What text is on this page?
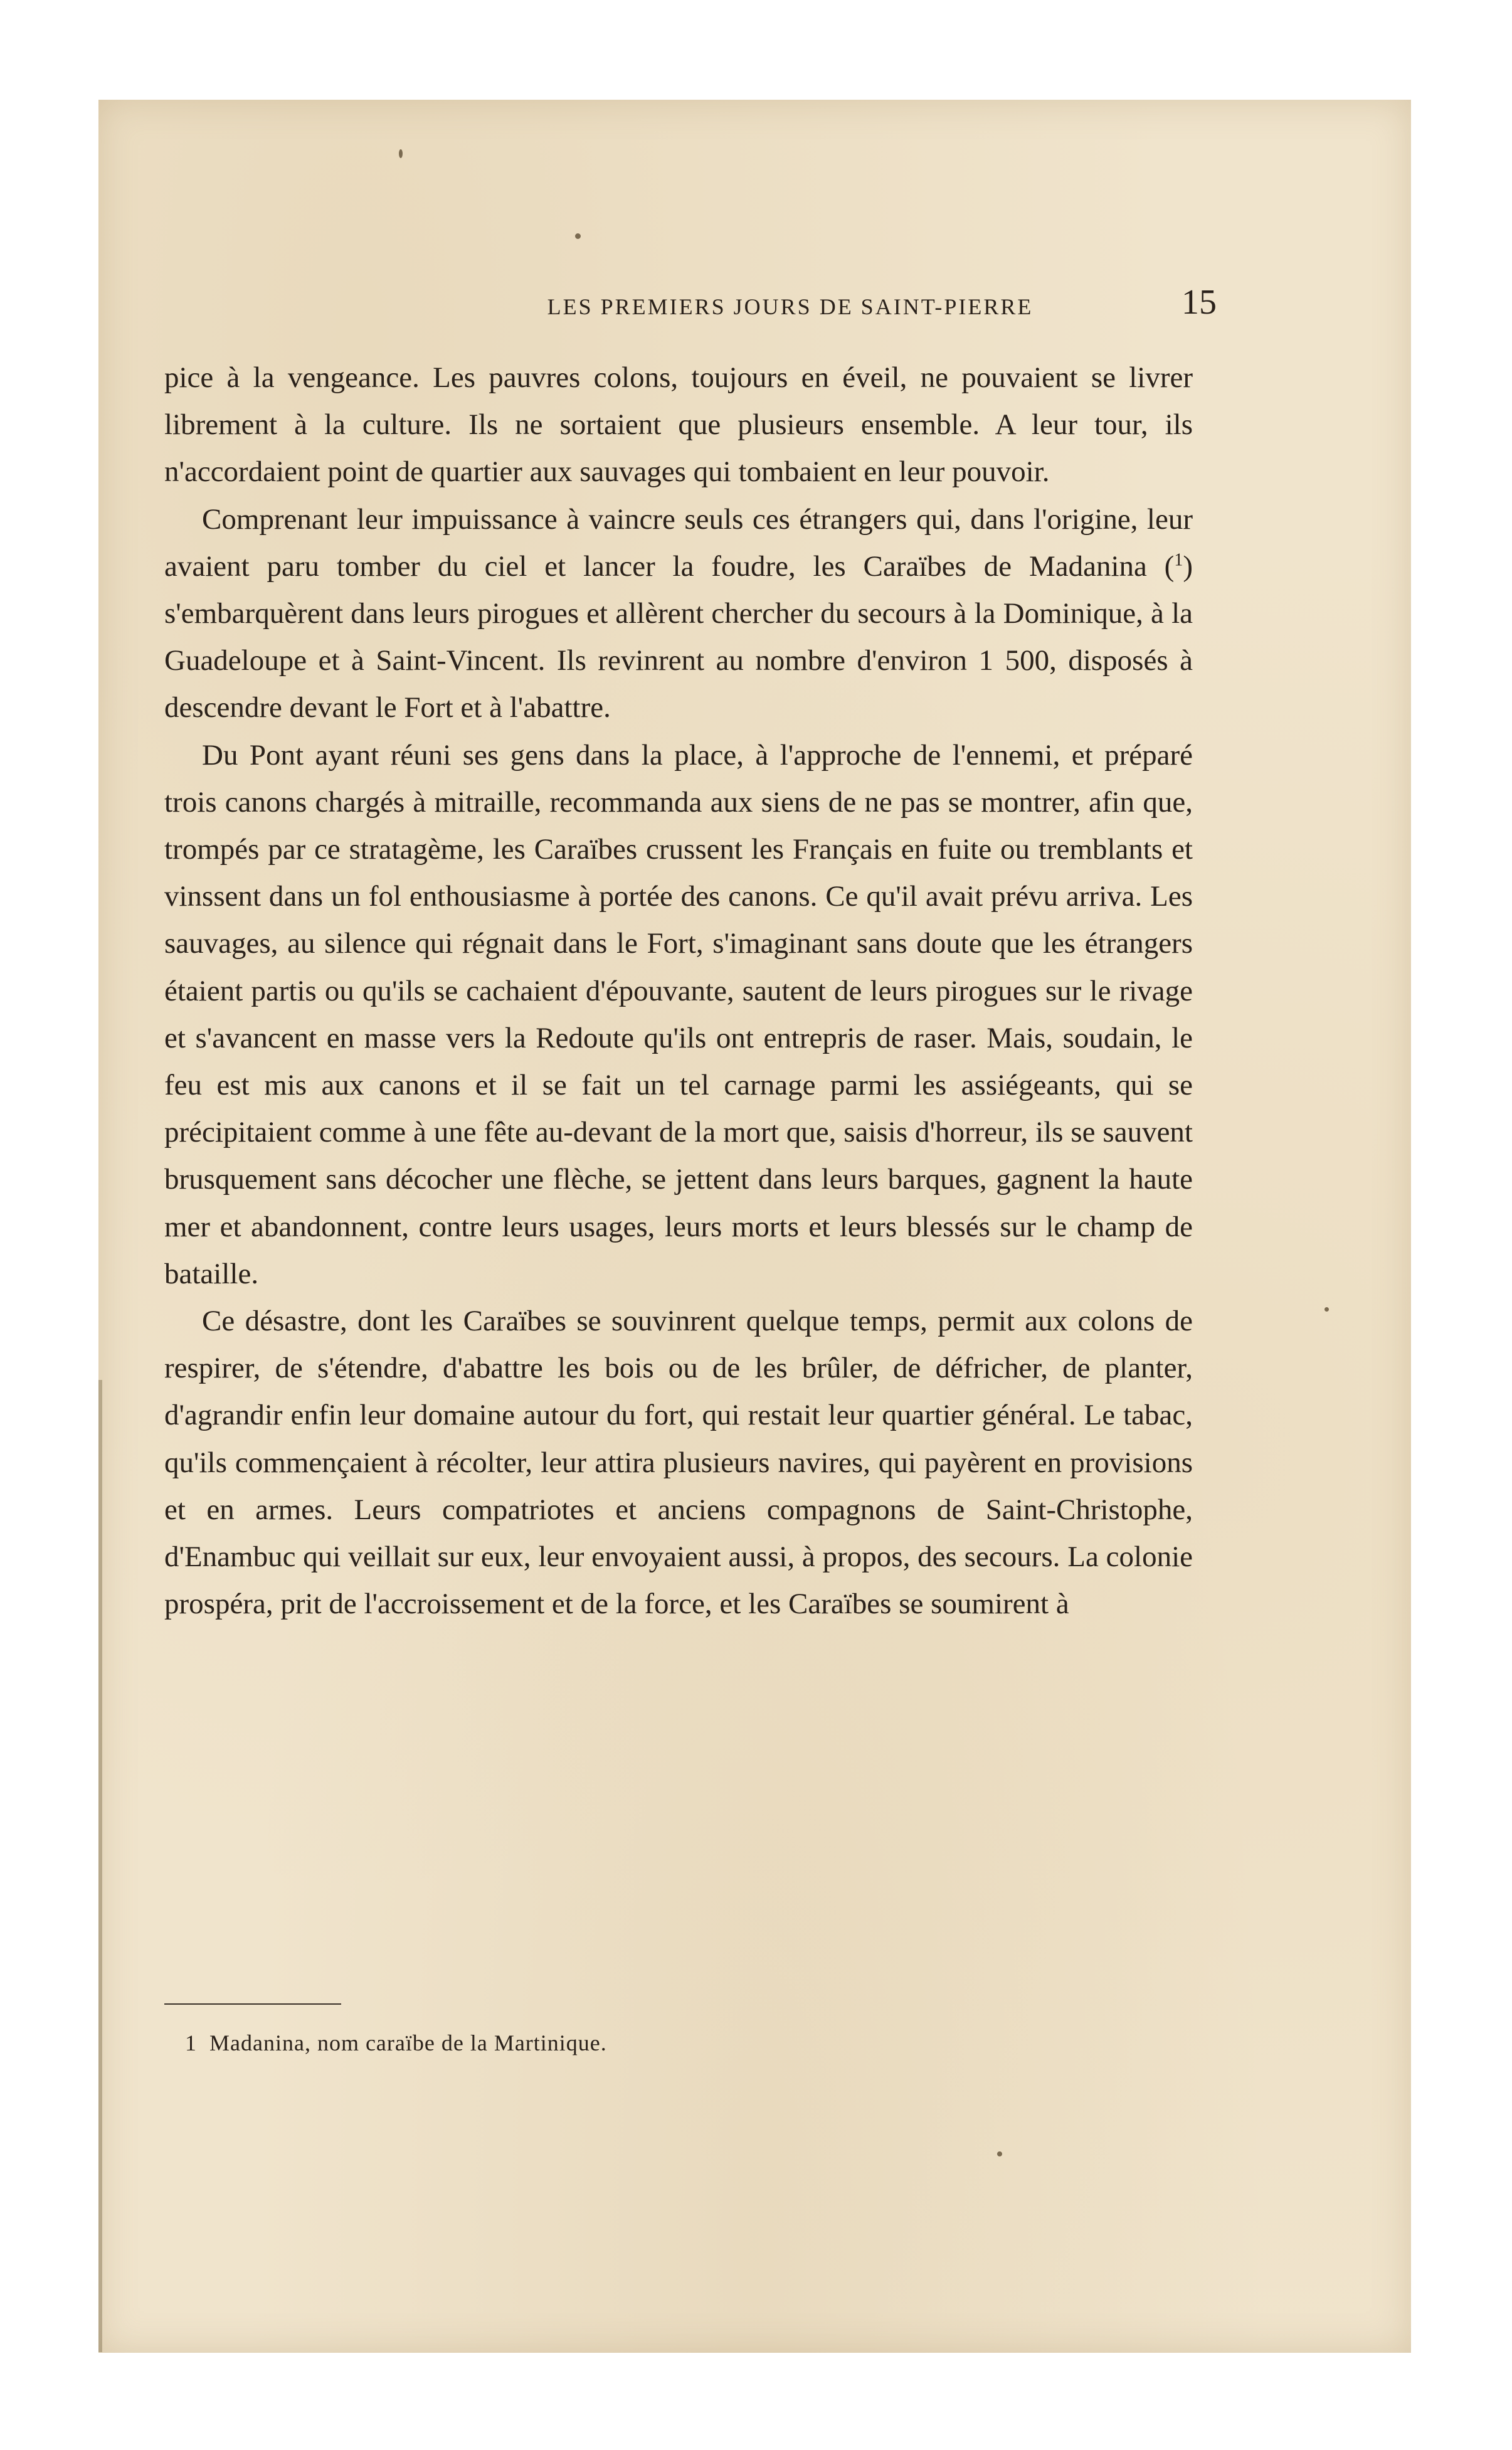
LES PREMIERS JOURS DE SAINT-PIERRE	15

pice à la vengeance. Les pauvres colons, toujours en éveil, ne pouvaient se livrer librement à la culture. Ils ne sortaient que plusieurs ensemble. A leur tour, ils n'accordaient point de quartier aux sauvages qui tombaient en leur pouvoir.

Comprenant leur impuissance à vaincre seuls ces étrangers qui, dans l'origine, leur avaient paru tomber du ciel et lancer la foudre, les Caraïbes de Madanina ($^1$) s'embarquèrent dans leurs pirogues et allèrent chercher du secours à la Dominique, à la Guadeloupe et à Saint-Vincent. Ils revinrent au nombre d'environ 1 500, disposés à descendre devant le Fort et à l'abattre.

Du Pont ayant réuni ses gens dans la place, à l'approche de l'ennemi, et préparé trois canons chargés à mitraille, recommanda aux siens de ne pas se montrer, afin que, trompés par ce stratagème, les Caraïbes crussent les Français en fuite ou tremblants et vinssent dans un fol enthousiasme à portée des canons. Ce qu'il avait prévu arriva. Les sauvages, au silence qui régnait dans le Fort, s'imaginant sans doute que les étrangers étaient partis ou qu'ils se cachaient d'épouvante, sautent de leurs pirogues sur le rivage et s'avancent en masse vers la Redoute qu'ils ont entrepris de raser. Mais, soudain, le feu est mis aux canons et il se fait un tel carnage parmi les assiégeants, qui se précipitaient comme à une fête au-devant de la mort que, saisis d'horreur, ils se sauvent brusquement sans décocher une flèche, se jettent dans leurs barques, gagnent la haute mer et abandonnent, contre leurs usages, leurs morts et leurs blessés sur le champ de bataille.

Ce désastre, dont les Caraïbes se souvinrent quelque temps, permit aux colons de respirer, de s'étendre, d'abattre les bois ou de les brûler, de défricher, de planter, d'agrandir enfin leur domaine autour du fort, qui restait leur quartier général. Le tabac, qu'ils commençaient à récolter, leur attira plusieurs navires, qui payèrent en provisions et en armes. Leurs compatriotes et anciens compagnons de Saint-Christophe, d'Enambuc qui veillait sur eux, leur envoyaient aussi, à propos, des secours. La colonie prospéra, prit de l'accroissement et de la force, et les Caraïbes se soumirent à

1 Madanina, nom caraïbe de la Martinique.
